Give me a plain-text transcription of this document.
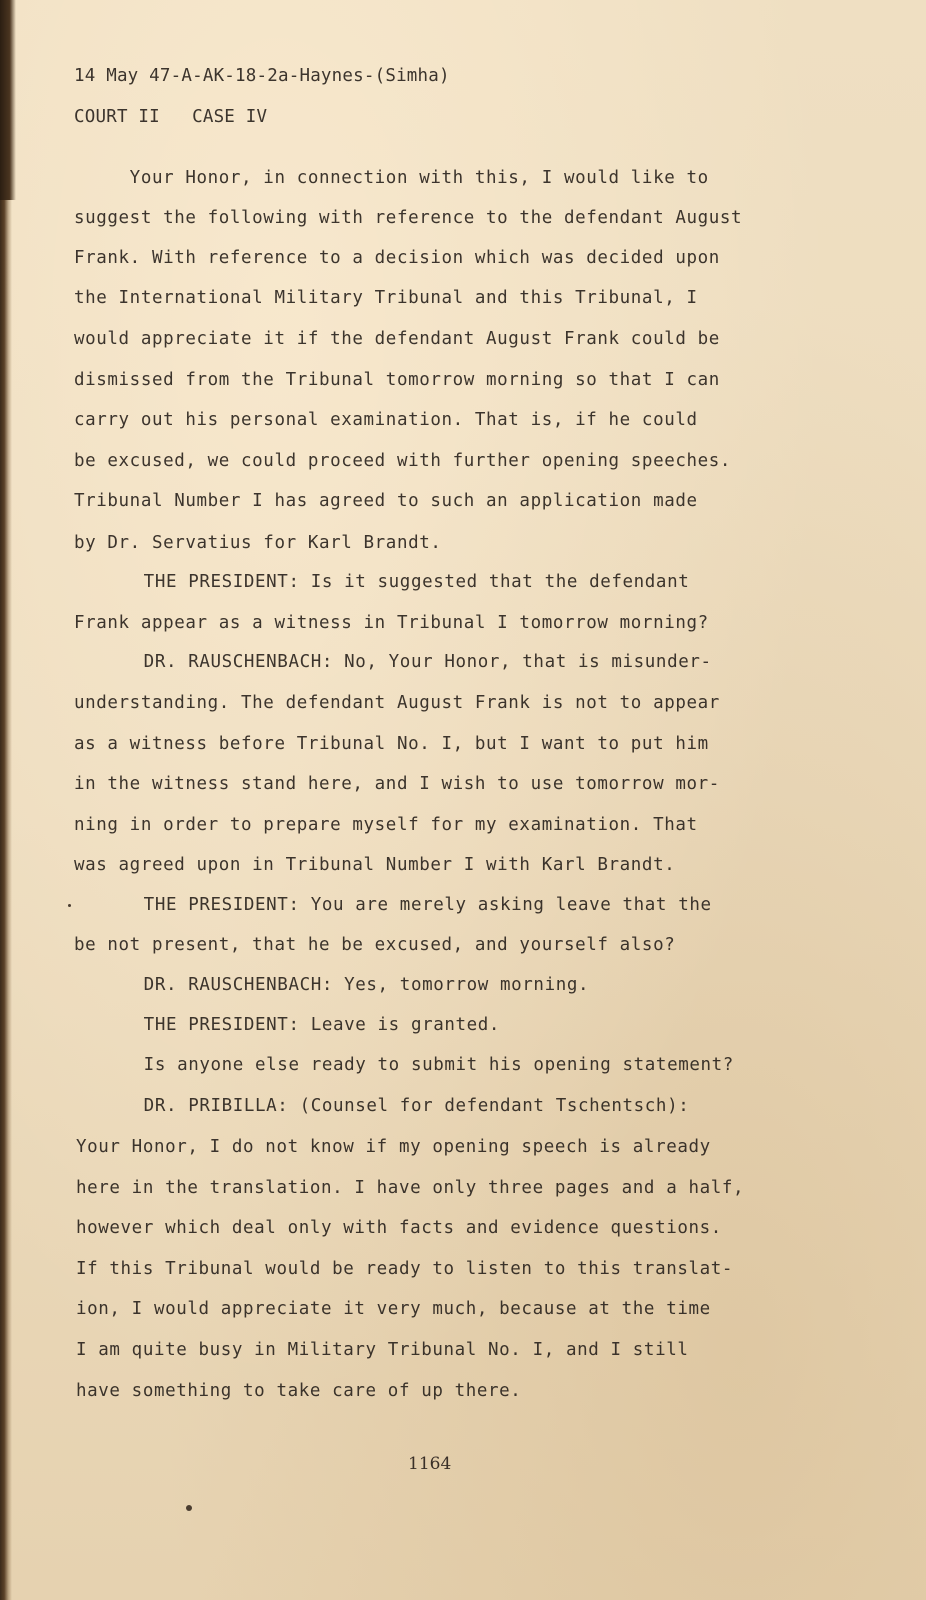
14 May 47-A-AK-18-2a-Haynes-(Simha)

COURT II   CASE IV

Your Honor, in connection with this, I would like to

suggest the following with reference to the defendant August

Frank. With reference to a decision which was decided upon

the International Military Tribunal and this Tribunal, I

would appreciate it if the defendant August Frank could be

dismissed from the Tribunal tomorrow morning so that I can

carry out his personal examination. That is, if he could

be excused, we could proceed with further opening speeches.

Tribunal Number I has agreed to such an application made

by Dr. Servatius for Karl Brandt.

THE PRESIDENT: Is it suggested that the defendant

Frank appear as a witness in Tribunal I tomorrow morning?

DR. RAUSCHENBACH: No, Your Honor, that is misunder-

understanding. The defendant August Frank is not to appear

as a witness before Tribunal No. I, but I want to put him

in the witness stand here, and I wish to use tomorrow mor-

ning in order to prepare myself for my examination. That

was agreed upon in Tribunal Number I with Karl Brandt.

THE PRESIDENT: You are merely asking leave that the

be not present, that he be excused, and yourself also?

DR. RAUSCHENBACH: Yes, tomorrow morning.

THE PRESIDENT: Leave is granted.

Is anyone else ready to submit his opening statement?

DR. PRIBILLA: (Counsel for defendant Tschentsch):

Your Honor, I do not know if my opening speech is already

here in the translation. I have only three pages and a half,

however which deal only with facts and evidence questions.

If this Tribunal would be ready to listen to this translat-

ion, I would appreciate it very much, because at the time

I am quite busy in Military Tribunal No. I, and I still

have something to take care of up there.

1164
